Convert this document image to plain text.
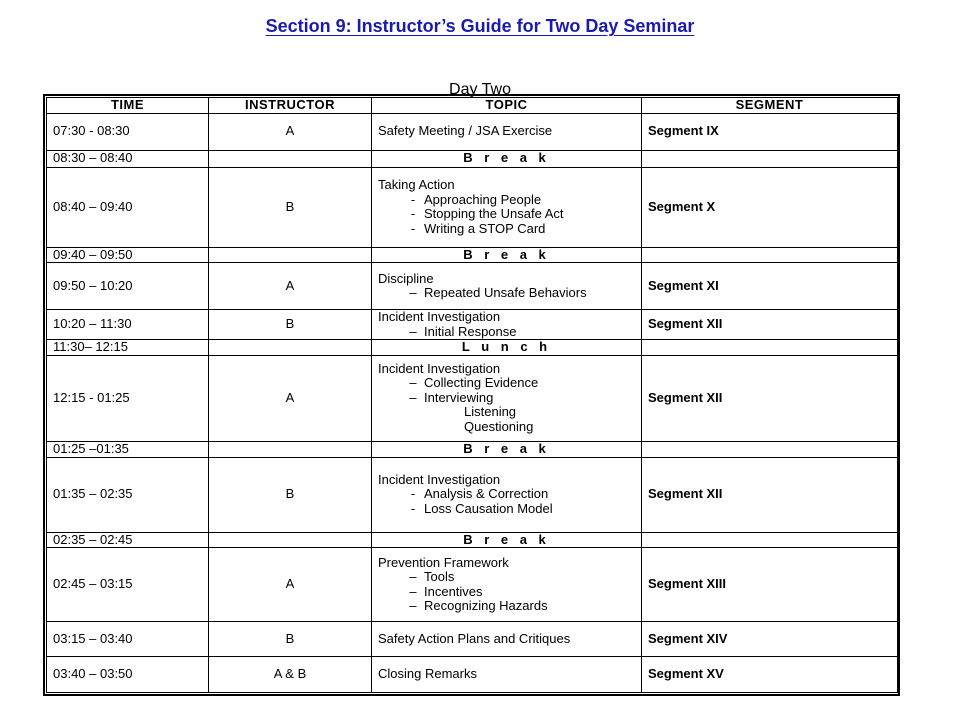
Section 9: Instructor’s Guide for Two Day Seminar
Day Two
TIME	INSTRUCTOR	TOPIC	SEGMENT
07:30 - 08:30	A	Safety Meeting / JSA Exercise	Segment IX
08:30 – 08:40		B r e a k	
08:40 – 09:40	B	Taking Action
- Approaching People
- Stopping the Unsafe Act
- Writing a STOP Card	Segment X
09:40 – 09:50		B r e a k	
09:50 – 10:20	A	Discipline
– Repeated Unsafe Behaviors	Segment XI
10:20 – 11:30	B	Incident Investigation
– Initial Response	Segment XII
11:30– 12:15		L u n c h	
12:15 - 01:25	A	Incident Investigation
– Collecting Evidence
– Interviewing
Listening
Questioning	Segment XII
01:25 –01:35		B r e a k	
01:35 – 02:35	B	Incident Investigation
- Analysis & Correction
- Loss Causation Model	Segment XII
02:35 – 02:45		B r e a k	
02:45 – 03:15	A	Prevention Framework
– Tools
– Incentives
– Recognizing Hazards	Segment XIII
03:15 – 03:40	B	Safety Action Plans and Critiques	Segment XIV
03:40 – 03:50	A & B	Closing Remarks	Segment XV
